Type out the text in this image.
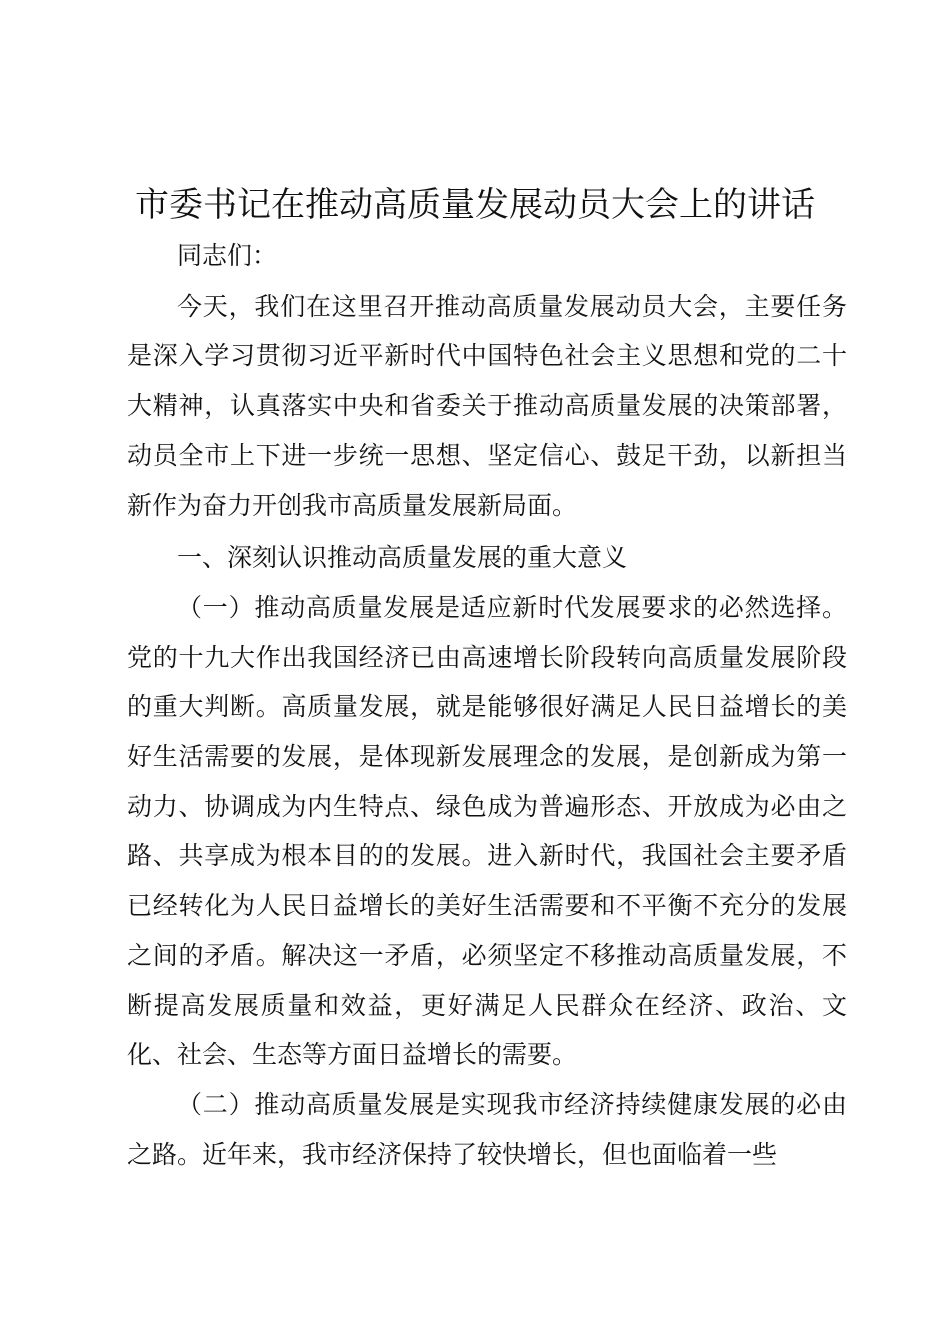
市委书记在推动高质量发展动员大会上的讲话

同志们：

今天，我们在这里召开推动高质量发展动员大会，主要任务是深入学习贯彻习近平新时代中国特色社会主义思想和党的二十大精神，认真落实中央和省委关于推动高质量发展的决策部署，动员全市上下进一步统一思想、坚定信心、鼓足干劲，以新担当新作为奋力开创我市高质量发展新局面。

一、深刻认识推动高质量发展的重大意义

（一）推动高质量发展是适应新时代发展要求的必然选择。党的十九大作出我国经济已由高速增长阶段转向高质量发展阶段的重大判断。高质量发展，就是能够很好满足人民日益增长的美好生活需要的发展，是体现新发展理念的发展，是创新成为第一动力、协调成为内生特点、绿色成为普遍形态、开放成为必由之路、共享成为根本目的的发展。进入新时代，我国社会主要矛盾已经转化为人民日益增长的美好生活需要和不平衡不充分的发展之间的矛盾。解决这一矛盾，必须坚定不移推动高质量发展，不断提高发展质量和效益，更好满足人民群众在经济、政治、文化、社会、生态等方面日益增长的需要。

（二）推动高质量发展是实现我市经济持续健康发展的必由之路。近年来，我市经济保持了较快增长，但也面临着一些
